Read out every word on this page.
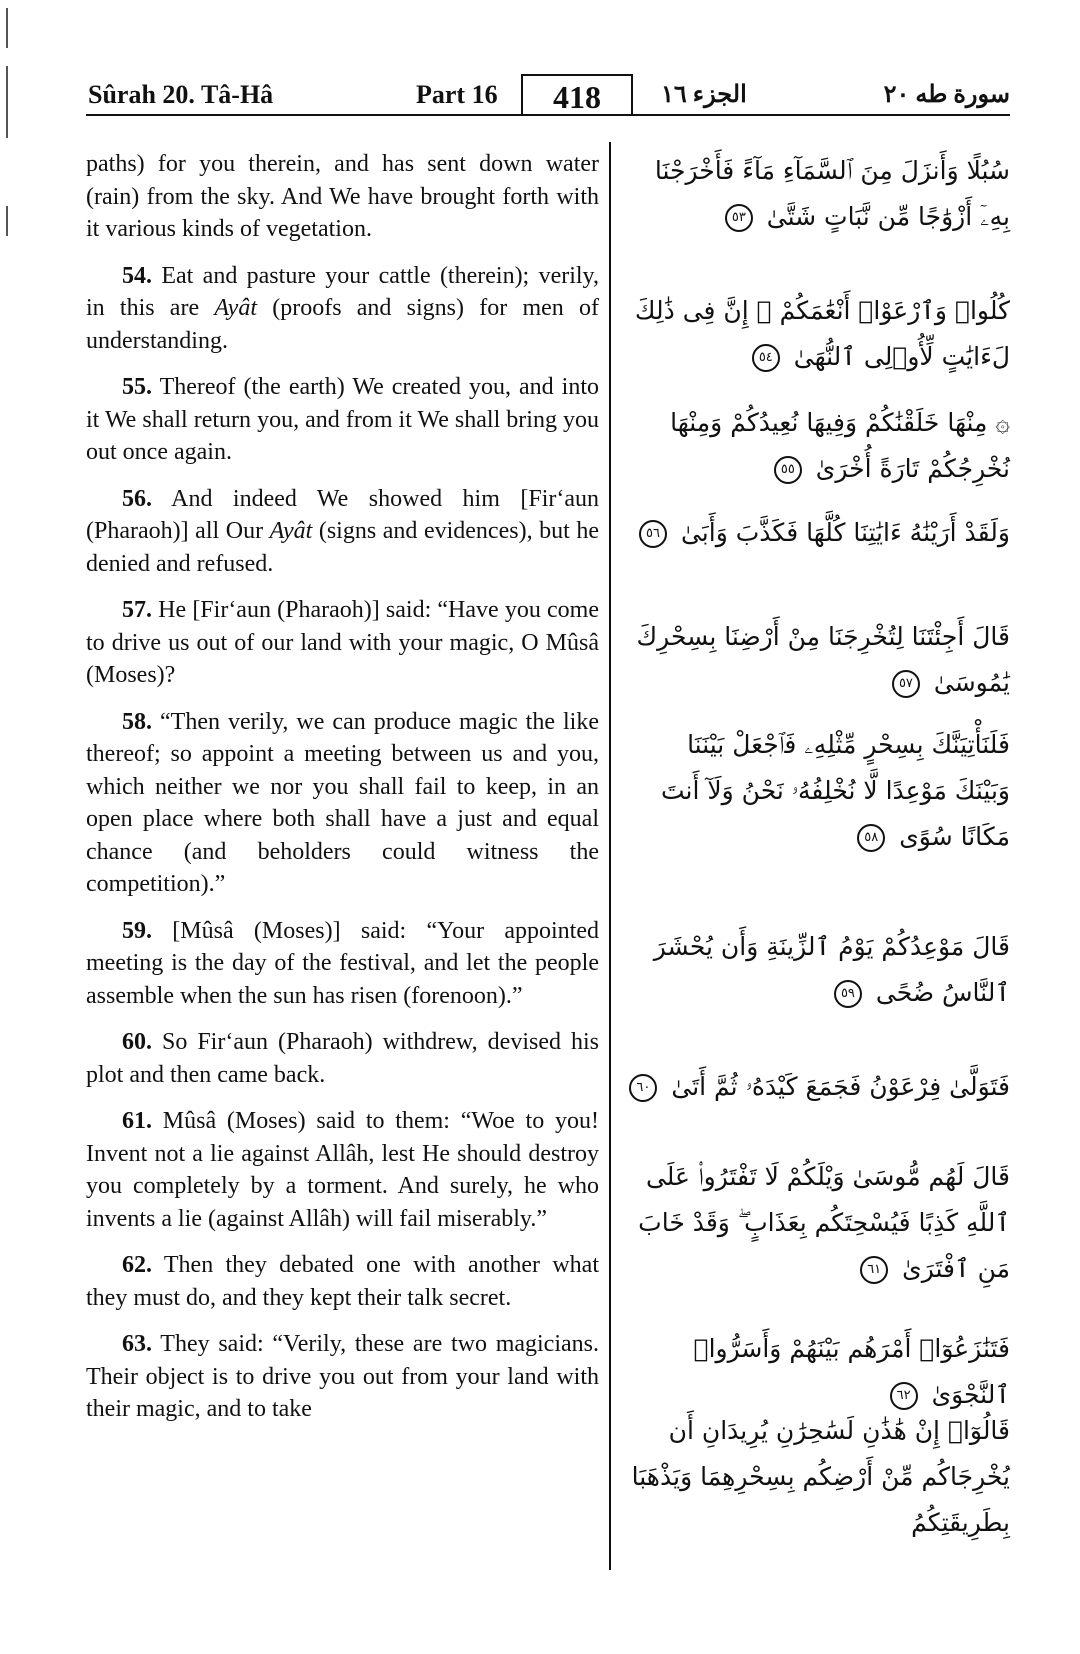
Sûrah 20. Tâ-Hâ	Part 16	418	الجزء ١٦	سورة طه ٢٠

paths) for you therein, and has sent down water (rain) from the sky. And We have brought forth with it various kinds of vegetation.

54. Eat and pasture your cattle (therein); verily, in this are Ayât (proofs and signs) for men of understanding.

55. Thereof (the earth) We created you, and into it We shall return you, and from it We shall bring you out once again.

56. And indeed We showed him [Fir‘aun (Pharaoh)] all Our Ayât (signs and evidences), but he denied and refused.

57. He [Fir‘aun (Pharaoh)] said: “Have you come to drive us out of our land with your magic, O Mûsâ (Moses)?

58. “Then verily, we can produce magic the like thereof; so appoint a meeting between us and you, which neither we nor you shall fail to keep, in an open place where both shall have a just and equal chance (and beholders could witness the competition).”

59. [Mûsâ (Moses)] said: “Your appointed meeting is the day of the festival, and let the people assemble when the sun has risen (forenoon).”

60. So Fir‘aun (Pharaoh) withdrew, devised his plot and then came back.

61. Mûsâ (Moses) said to them: “Woe to you! Invent not a lie against Allâh, lest He should destroy you completely by a torment. And surely, he who invents a lie (against Allâh) will fail miserably.”

62. Then they debated one with another what they must do, and they kept their talk secret.

63. They said: “Verily, these are two magicians. Their object is to drive you out from your land with their magic, and to take

سُبُلًا وَأَنزَلَ مِنَ ٱلسَّمَآءِ مَآءً فَأَخْرَجْنَا بِهِۦٓ أَزْوَٰجًا مِّن نَّبَاتٍ شَتَّىٰ ٥٣
كُلُوا۟ وَٱرْعَوْا۟ أَنْعَٰمَكُمْ ۗ إِنَّ فِى ذَٰلِكَ لَءَايَٰتٍ لِّأُو۟لِى ٱلنُّهَىٰ ٥٤
۞ مِنْهَا خَلَقْنَٰكُمْ وَفِيهَا نُعِيدُكُمْ وَمِنْهَا نُخْرِجُكُمْ تَارَةً أُخْرَىٰ ٥٥
وَلَقَدْ أَرَيْنَٰهُ ءَايَٰتِنَا كُلَّهَا فَكَذَّبَ وَأَبَىٰ ٥٦
قَالَ أَجِئْتَنَا لِتُخْرِجَنَا مِنْ أَرْضِنَا بِسِحْرِكَ يَٰمُوسَىٰ ٥٧
فَلَنَأْتِيَنَّكَ بِسِحْرٍ مِّثْلِهِۦ فَٱجْعَلْ بَيْنَنَا وَبَيْنَكَ مَوْعِدًا لَّا نُخْلِفُهُۥ نَحْنُ وَلَآ أَنتَ مَكَانًا سُوًى ٥٨
قَالَ مَوْعِدُكُمْ يَوْمُ ٱلزِّينَةِ وَأَن يُحْشَرَ ٱلنَّاسُ ضُحًى ٥٩
فَتَوَلَّىٰ فِرْعَوْنُ فَجَمَعَ كَيْدَهُۥ ثُمَّ أَتَىٰ ٦٠
قَالَ لَهُم مُّوسَىٰ وَيْلَكُمْ لَا تَفْتَرُوا۟ عَلَى ٱللَّهِ كَذِبًا فَيُسْحِتَكُم بِعَذَابٍ ۖ وَقَدْ خَابَ مَنِ ٱفْتَرَىٰ ٦١
فَتَنَٰزَعُوٓا۟ أَمْرَهُم بَيْنَهُمْ وَأَسَرُّوا۟ ٱلنَّجْوَىٰ ٦٢
قَالُوٓا۟ إِنْ هَٰذَٰنِ لَسَٰحِرَٰنِ يُرِيدَانِ أَن يُخْرِجَاكُم مِّنْ أَرْضِكُم بِسِحْرِهِمَا وَيَذْهَبَا بِطَرِيقَتِكُمُ
